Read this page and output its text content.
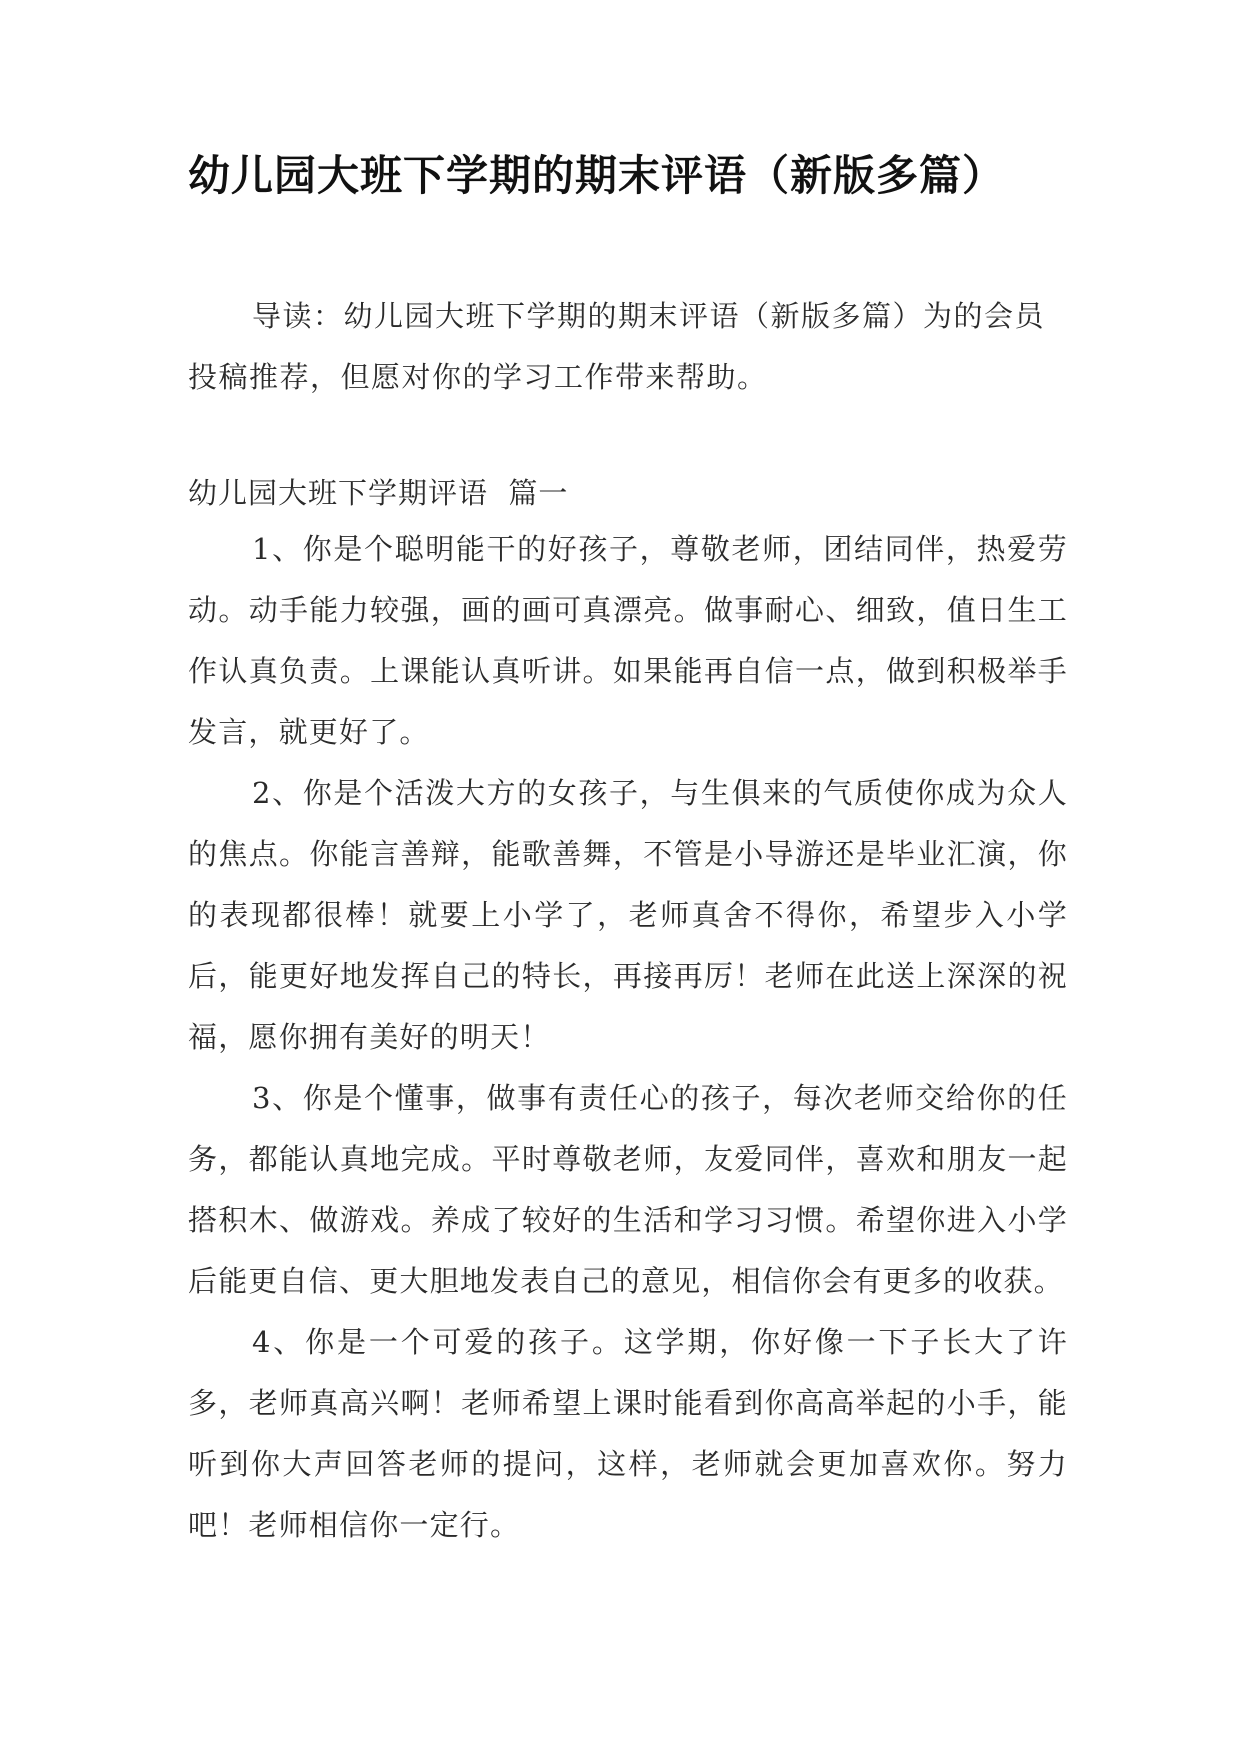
幼儿园大班下学期的期末评语（新版多篇）

导读：幼儿园大班下学期的期末评语（新版多篇）为的会员投稿推荐，但愿对你的学习工作带来帮助。

幼儿园大班下学期评语  篇一

1、你是个聪明能干的好孩子，尊敬老师，团结同伴，热爱劳动。动手能力较强，画的画可真漂亮。做事耐心、细致，值日生工作认真负责。上课能认真听讲。如果能再自信一点，做到积极举手发言，就更好了。

2、你是个活泼大方的女孩子，与生俱来的气质使你成为众人的焦点。你能言善辩，能歌善舞，不管是小导游还是毕业汇演，你的表现都很棒！就要上小学了，老师真舍不得你，希望步入小学后，能更好地发挥自己的特长，再接再厉！老师在此送上深深的祝福，愿你拥有美好的明天！

3、你是个懂事，做事有责任心的孩子，每次老师交给你的任务，都能认真地完成。平时尊敬老师，友爱同伴，喜欢和朋友一起搭积木、做游戏。养成了较好的生活和学习习惯。希望你进入小学后能更自信、更大胆地发表自己的意见，相信你会有更多的收获。

4、你是一个可爱的孩子。这学期，你好像一下子长大了许多，老师真高兴啊！老师希望上课时能看到你高高举起的小手，能听到你大声回答老师的提问，这样，老师就会更加喜欢你。努力吧！老师相信你一定行。
